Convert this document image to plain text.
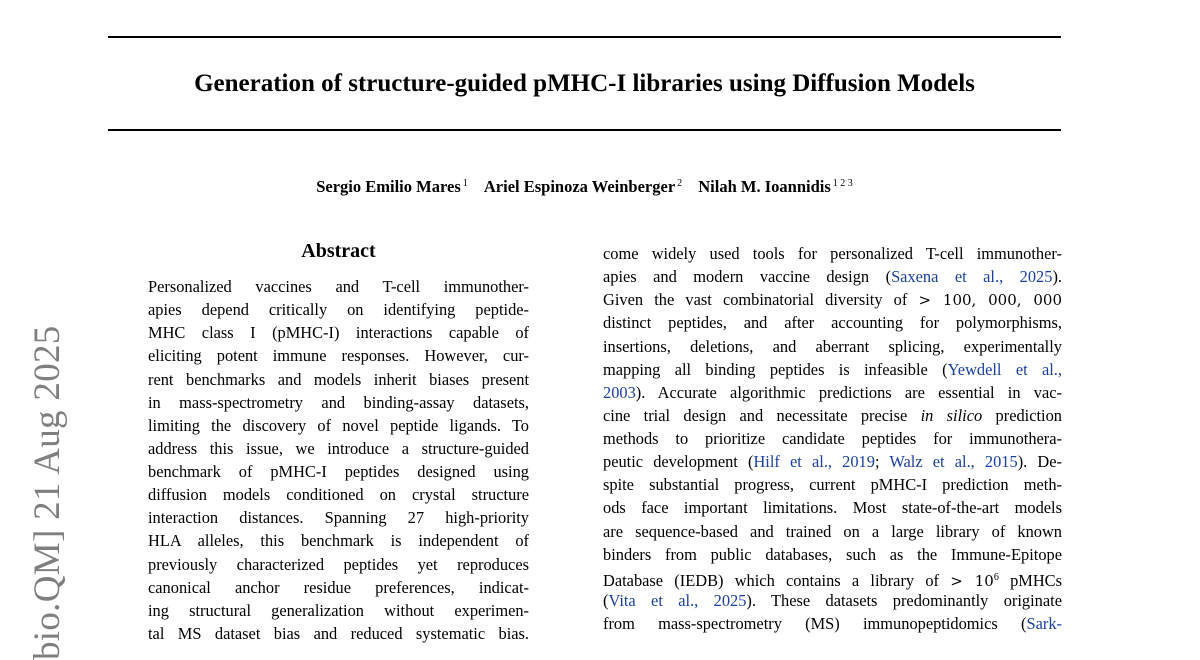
Generation of structure-guided pMHC-I libraries using Diffusion Models
Sergio Emilio Mares $^1$ Ariel Espinoza Weinberger $^2$ Nilah M. Ioannidis $^{1 2 3}$
bio.QM] 21 Aug 2025
Abstract
Personalized vaccines and T-cell immunother-
apies depend critically on identifying peptide-
MHC class I (pMHC-I) interactions capable of
eliciting potent immune responses. However, cur-
rent benchmarks and models inherit biases present
in mass-spectrometry and binding-assay datasets,
limiting the discovery of novel peptide ligands. To
address this issue, we introduce a structure-guided
benchmark of pMHC-I peptides designed using
diffusion models conditioned on crystal structure
interaction distances. Spanning 27 high-priority
HLA alleles, this benchmark is independent of
previously characterized peptides yet reproduces
canonical anchor residue preferences, indicat-
ing structural generalization without experimen-
tal MS dataset bias and reduced systematic bias.
come widely used tools for personalized T-cell immunother-
apies and modern vaccine design (Saxena et al., 2025).
Given the vast combinatorial diversity of > 100, 000, 000
distinct peptides, and after accounting for polymorphisms,
insertions, deletions, and aberrant splicing, experimentally
mapping all binding peptides is infeasible (Yewdell et al.,
2003). Accurate algorithmic predictions are essential in vac-
cine trial design and necessitate precise in silico prediction
methods to prioritize candidate peptides for immunothera-
peutic development (Hilf et al., 2019; Walz et al., 2015). De-
spite substantial progress, current pMHC-I prediction meth-
ods face important limitations. Most state-of-the-art models
are sequence-based and trained on a large library of known
binders from public databases, such as the Immune-Epitope
Database (IEDB) which contains a library of > $10^6$ pMHCs
(Vita et al., 2025). These datasets predominantly originate
from mass-spectrometry (MS) immunopeptidomics (Sark-
